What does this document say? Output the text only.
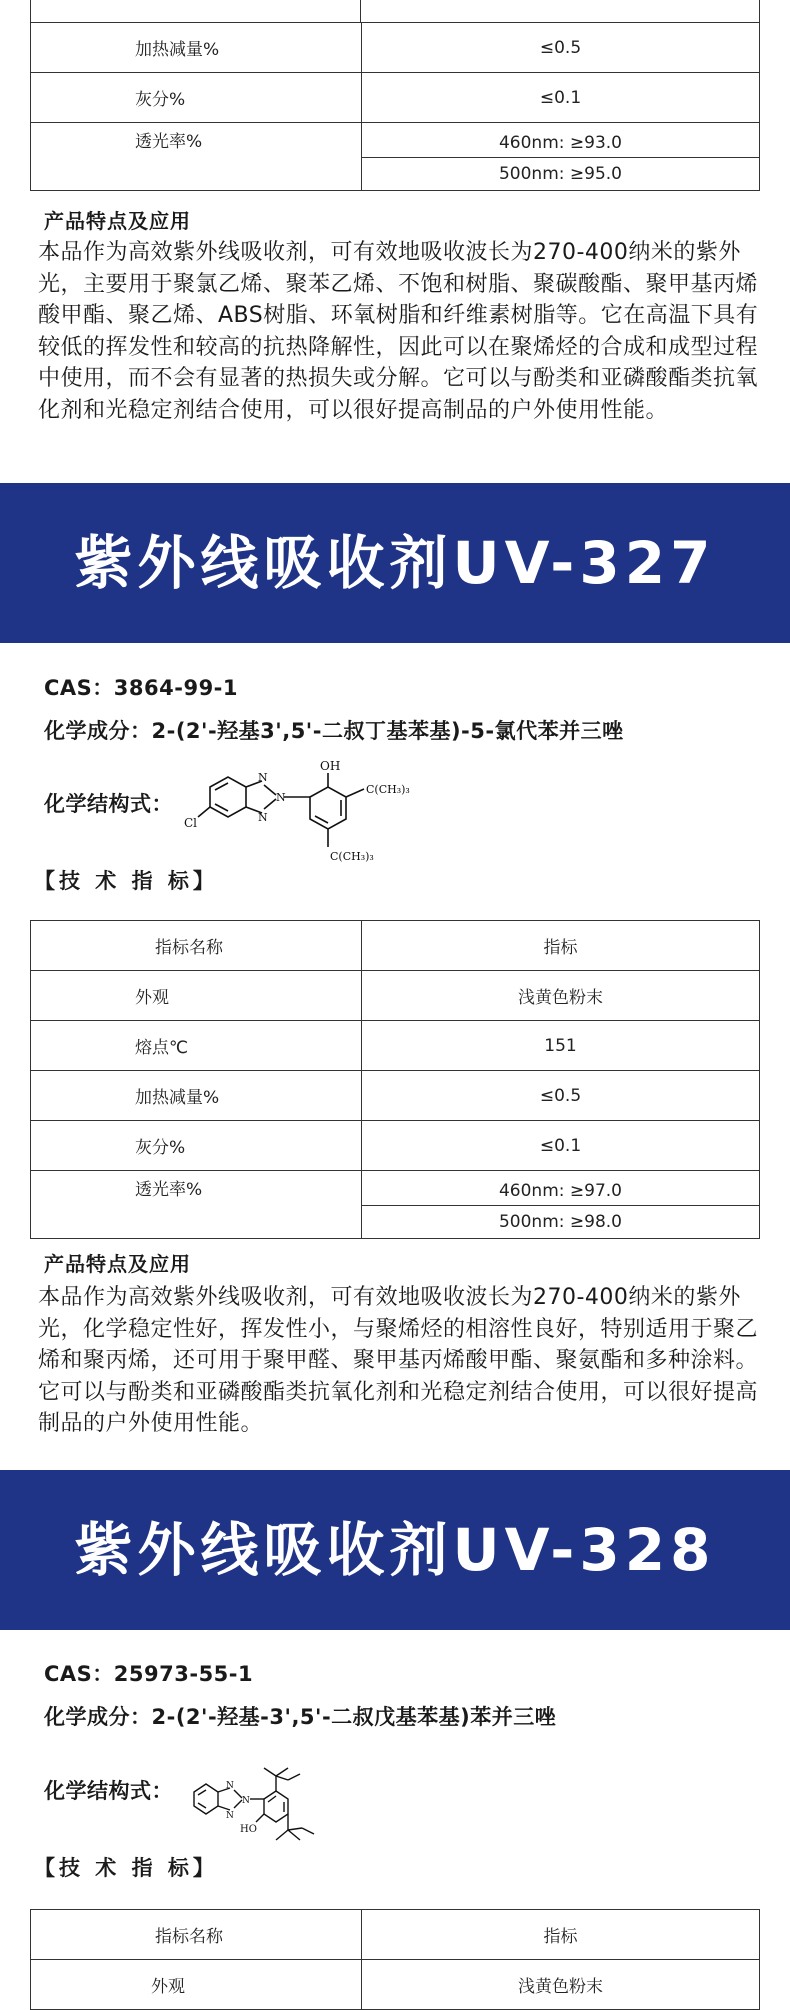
加热减量%	≤0.5

灰分%	≤0.1

透光率%	460nm: ≥93.0
	500nm: ≥95.0
产品特点及应用
本品作为高效紫外线吸收剂，可有效地吸收波长为270-400纳米的紫外光，主要用于聚氯乙烯、聚苯乙烯、不饱和树脂、聚碳酸酯、聚甲基丙烯酸甲酯、聚乙烯、ABS树脂、环氧树脂和纤维素树脂等。它在高温下具有较低的挥发性和较高的抗热降解性，因此可以在聚烯烃的合成和成型过程中使用，而不会有显著的热损失或分解。它可以与酚类和亚磷酸酯类抗氧化剂和光稳定剂结合使用，可以很好提高制品的户外使用性能。
紫外线吸收剂UV-327
CAS：3864-99-1
化学成分：2-(2'-羟基3',5'-二叔丁基苯基)-5-氯代苯并三唑
化学结构式：
N
N
N
OH
Cl
C(CH₃)₃
C(CH₃)₃
【技 术 指 标】
指标名称	指标

外观	浅黄色粉末

熔点℃	151

加热减量%	≤0.5

灰分%	≤0.1

透光率%	460nm: ≥97.0
	500nm: ≥98.0
产品特点及应用
本品作为高效紫外线吸收剂，可有效地吸收波长为270-400纳米的紫外光，化学稳定性好，挥发性小，与聚烯烃的相溶性良好，特别适用于聚乙烯和聚丙烯，还可用于聚甲醛、聚甲基丙烯酸甲酯、聚氨酯和多种涂料。它可以与酚类和亚磷酸酯类抗氧化剂和光稳定剂结合使用，可以很好提高制品的户外使用性能。
紫外线吸收剂UV-328
CAS：25973-55-1
化学成分：2-(2'-羟基-3',5'-二叔戊基苯基)苯并三唑
化学结构式：	N
N
N
HO
【技 术 指 标】
指标名称	指标

外观	浅黄色粉末
